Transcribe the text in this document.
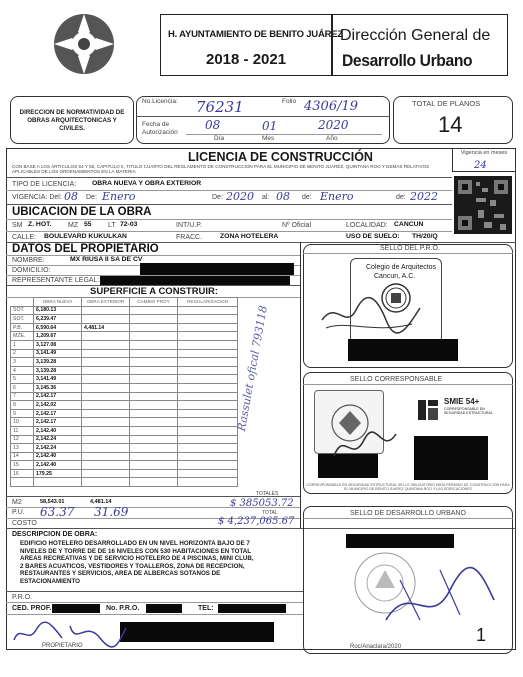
H. AYUNTAMIENTO DE BENITO JUÁREZ
2018 - 2021
Dirección General de
Desarrollo Urbano
DIRECCION DE NORMATIVIDAD DE OBRAS ARQUITECTONICAS Y CIVILES.
No.Licencia: 76231	Folio 4306/19
Fecha de Autorización
08	01	2020
Día	Mes	Año
TOTAL DE PLANOS
14
LICENCIA DE CONSTRUCCIÓN	Vigencia en meses
24
CON BASE A LOS ARTICULOS 54 Y 56, CAPITULO II, TITULO CUARTO DEL REGLAMENTO DE CONSTRUCCION PARA EL MUNICIPIO DE BENITO JUAREZ, QUINTANA ROO Y DEMAS RELATIVOS APLICABLES DE LOS ORDENAMIENTOS EN LA MATERIA
TIPO DE LICENCIA: OBRA NUEVA Y OBRA EXTERIOR
VIGENCIA: Del: 08 De: Enero	De: 2020 al: 08 de: Enero	de: 2022
UBICACION DE LA OBRA
SM Z. HOT. MZ 55 LT 72-03	INT/U.P.	Nº Oficial	LOCALIDAD: CANCUN
CALLE: BOULEVARD KUKULKAN	FRACC.	ZONA HOTELERA	USO DE SUELO: TH/20/Q
DATOS DEL PROPIETARIO
NOMBRE:	MX RIUSA II SA DE CV
DOMICILIO:
REPRESENTANTE LEGAL:
SUPERFICIE A CONSTRUIR:
	OBRA NUEVA	OBRA EXTERIOR	CAMBIO PROY	REGULARIZACION
SOT.	6,180.13			
SOT.	6,239.47			
P.B.	6,590.64	4,481.14		
MZE.	1,209.67			
1	3,127.08			
2	3,141.49			
3	3,139.28			
4	3,139.28			
5	3,141.49			
6	3,145.36			
7	2,142.17			
8	2,142.02			
9	2,142.17			
10	2,142.17			
11	2,142.40			
12	2,142.24			
13	2,142.24			
14	2,142.40			
15	2,142.40			
16	179.25			

M2	58,543.01	4,481.14
TOTALES
$ 385053.72
P.U. 63.37 31.69	TOTAL
COSTO	$ 4,237,065.67
Rassulet ofical 793118
SELLO DEL P.R.O.
Colegio de Arquitectos
Cancun, A.C.
SELLO CORRESPONSABLE
SMIE 54+
CORRESPONSABLE EN SEGURIDAD ESTRUCTURAL
CORRESPONSABLE EN SEGURIDAD ESTRUCTURAL SELLO OBLIGATORIO PARA PERMISO DE CONSTRUCCION PARA EL MUNICIPIO DE BENITO JUAREZ QUINTANA ROO Y LAS EDIFICACIONES
DESCRIPCION DE OBRA:
EDIFICIO HOTELERO DESARROLLADO EN UN NIVEL HORIZONTA BAJO DE 7
NIVELES DE Y TORRE DE DE 16 NIVELES CON 530 HABITACIONES EN TOTAL
AREAS RECREATIVAS Y DE SERVICIO HOTELERO DE 4 PISCINAS, MINI CLUB,
2 BARES ACUATICOS, VESTIDORES Y TOALLEROS, ZONA DE RECEPCION,
RESTAURANTES Y SERVICIOS, AREA DE ALBERCAS SOTANOS DE
ESTACIONAMIENTO
SELLO DE DESARROLLO URBANO
1
P.R.O.
CED. PROF.	No. P.R.O.	TEL:
PROPIETARIO	Roc/Anaclara/2020
